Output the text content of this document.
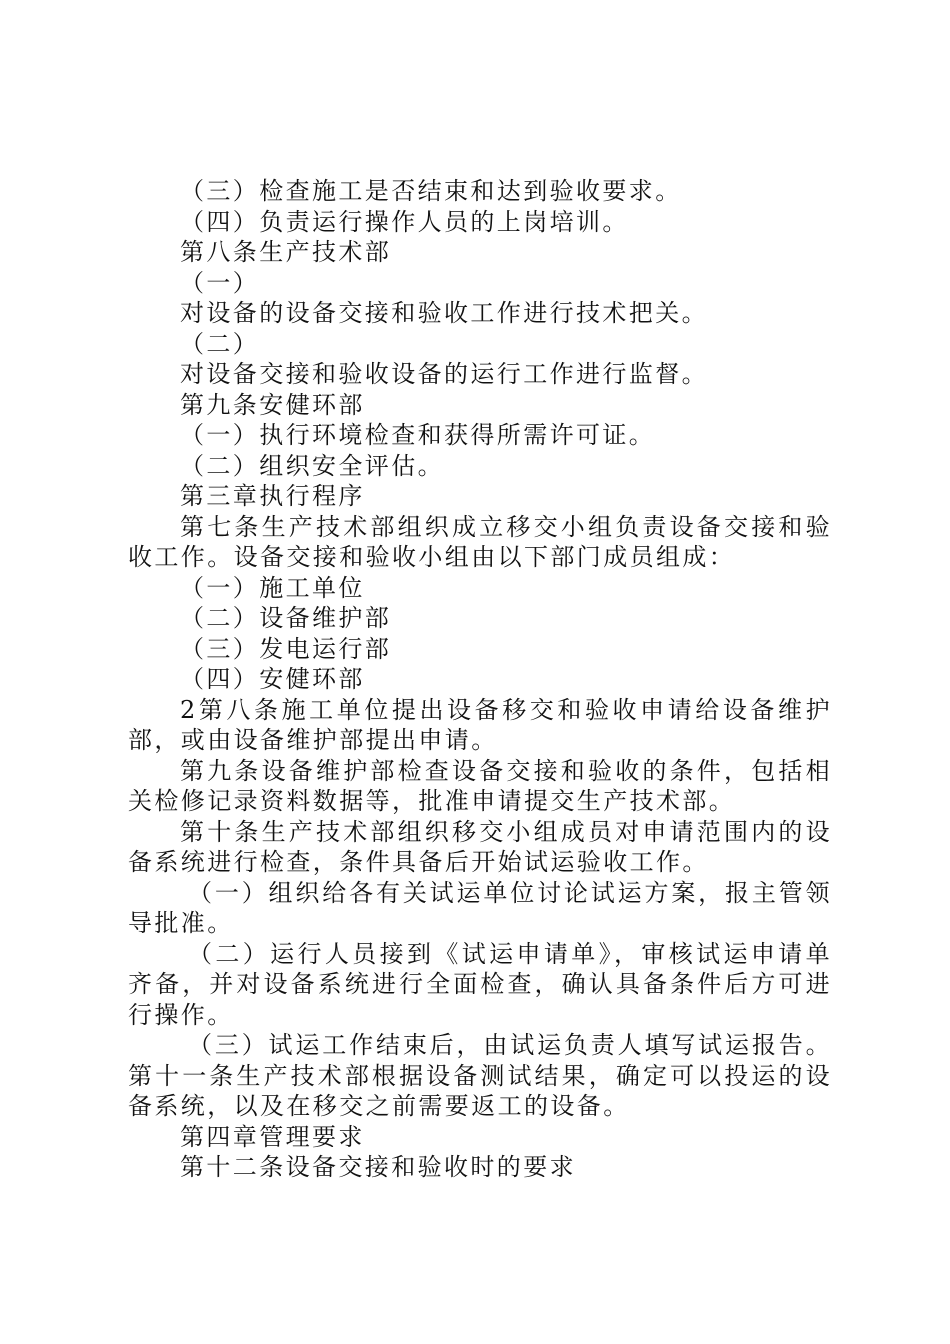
（三）检查施工是否结束和达到验收要求。

（四）负责运行操作人员的上岗培训。

第八条生产技术部

（一）

对设备的设备交接和验收工作进行技术把关。

（二）

对设备交接和验收设备的运行工作进行监督。

第九条安健环部

（一）执行环境检查和获得所需许可证。

（二）组织安全评估。

第三章执行程序

第七条生产技术部组织成立移交小组负责设备交接和验收工作。设备交接和验收小组由以下部门成员组成：

（一）施工单位

（二）设备维护部

（三）发电运行部

（四）安健环部

2第八条施工单位提出设备移交和验收申请给设备维护部，或由设备维护部提出申请。

第九条设备维护部检查设备交接和验收的条件，包括相关检修记录资料数据等，批准申请提交生产技术部。

第十条生产技术部组织移交小组成员对申请范围内的设备系统进行检查，条件具备后开始试运验收工作。

（一）组织给各有关试运单位讨论试运方案，报主管领导批准。

（二）运行人员接到《试运申请单》，审核试运申请单齐备，并对设备系统进行全面检查，确认具备条件后方可进行操作。

（三）试运工作结束后，由试运负责人填写试运报告。第十一条生产技术部根据设备测试结果，确定可以投运的设备系统，以及在移交之前需要返工的设备。

第四章管理要求

第十二条设备交接和验收时的要求
